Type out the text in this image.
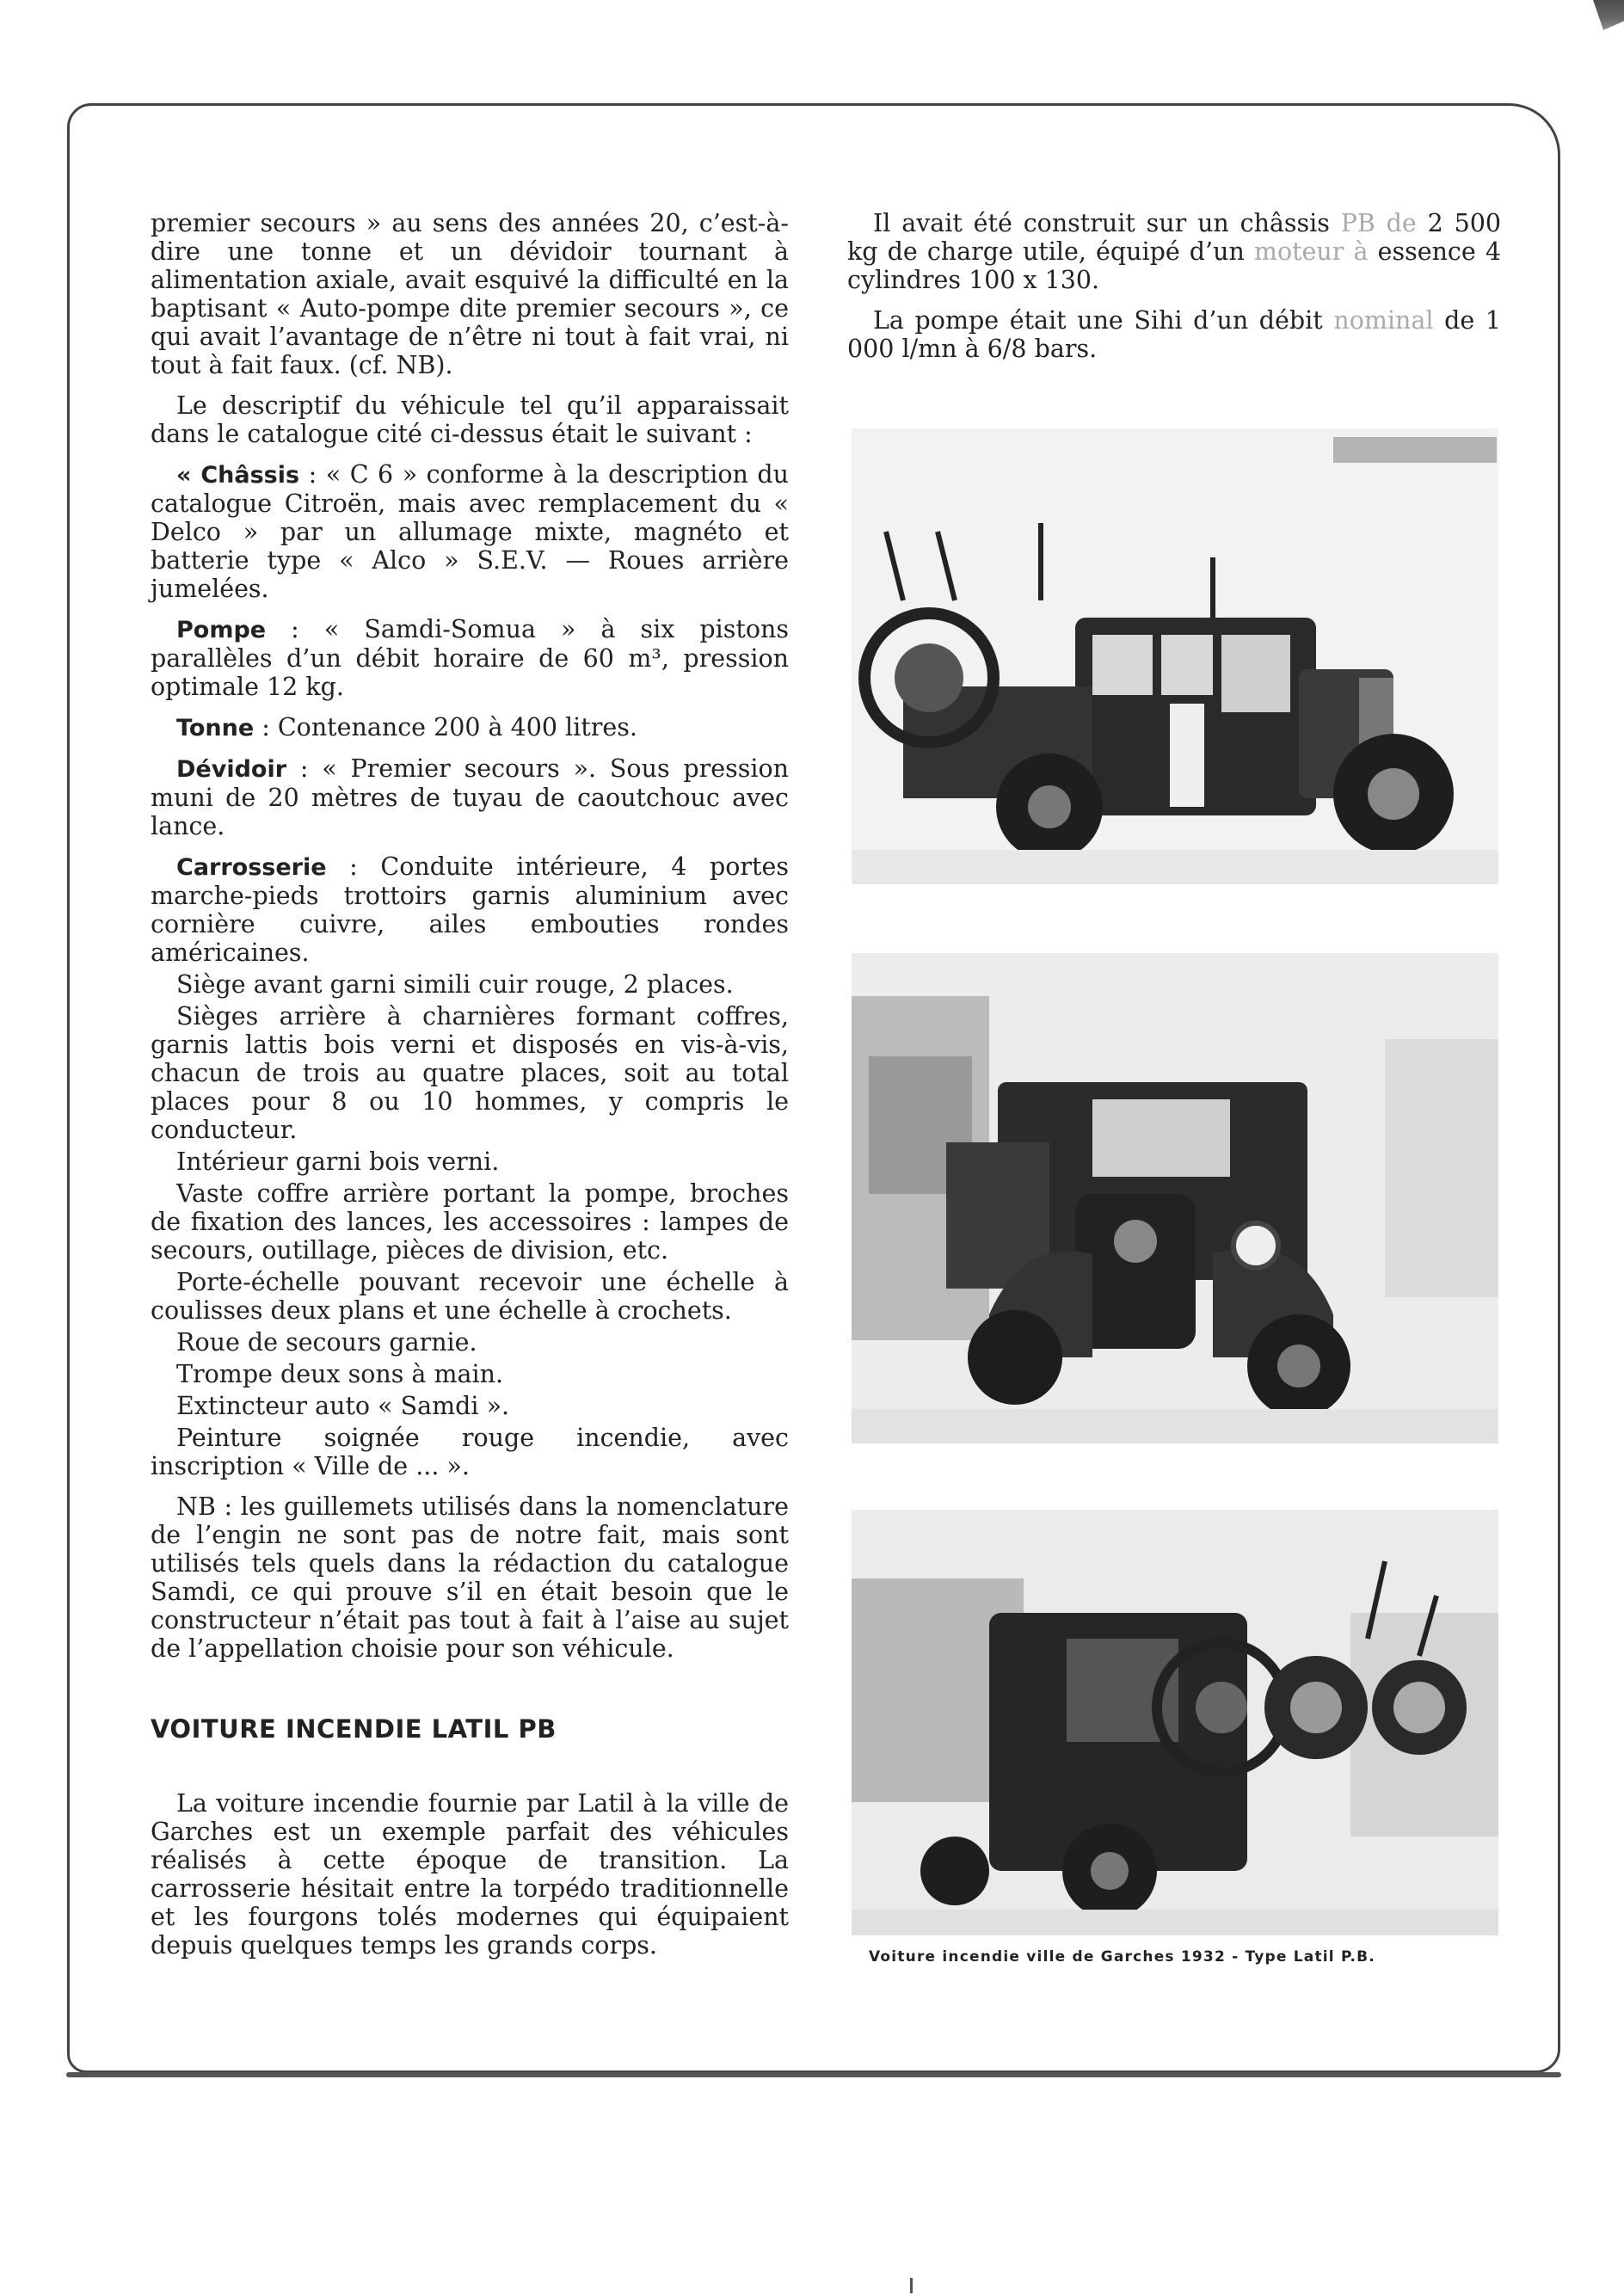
premier secours » au sens des années 20, c’est-à-dire une tonne et un dévidoir tournant à alimentation axiale, avait esquivé la difficulté en la baptisant « Auto-pompe dite premier secours », ce qui avait l’avantage de n’être ni tout à fait vrai, ni tout à fait faux. (cf. NB).

Le descriptif du véhicule tel qu’il apparaissait dans le catalogue cité ci-dessus était le suivant :

« Châssis : « C 6 » conforme à la description du catalogue Citroën, mais avec remplacement du « Delco » par un allumage mixte, magnéto et batterie type « Alco » S.E.V. — Roues arrière jumelées.

Pompe : « Samdi-Somua » à six pistons parallèles d’un débit horaire de 60 m³, pression optimale 12 kg.

Tonne : Contenance 200 à 400 litres.

Dévidoir : « Premier secours ». Sous pression muni de 20 mètres de tuyau de caoutchouc avec lance.

Carrosserie : Conduite intérieure, 4 portes marche-pieds trottoirs garnis aluminium avec cornière cuivre, ailes embouties rondes américaines.

Siège avant garni simili cuir rouge, 2 places.

Sièges arrière à charnières formant coffres, garnis lattis bois verni et disposés en vis-à-vis, chacun de trois au quatre places, soit au total places pour 8 ou 10 hommes, y compris le conducteur.

Intérieur garni bois verni.

Vaste coffre arrière portant la pompe, broches de fixation des lances, les accessoires : lampes de secours, outillage, pièces de division, etc.

Porte-échelle pouvant recevoir une échelle à coulisses deux plans et une échelle à crochets.

Roue de secours garnie.

Trompe deux sons à main.

Extincteur auto « Samdi ».

Peinture soignée rouge incendie, avec inscription « Ville de ... ».

NB : les guillemets utilisés dans la nomenclature de l’engin ne sont pas de notre fait, mais sont utilisés tels quels dans la rédaction du catalogue Samdi, ce qui prouve s’il en était besoin que le constructeur n’était pas tout à fait à l’aise au sujet de l’appellation choisie pour son véhicule.

VOITURE INCENDIE LATIL PB

La voiture incendie fournie par Latil à la ville de Garches est un exemple parfait des véhicules réalisés à cette époque de transition. La carrosserie hésitait entre la torpédo traditionnelle et les fourgons tolés modernes qui équipaient depuis quelques temps les grands corps.

Il avait été construit sur un châssis PB de 2 500 kg de charge utile, équipé d’un moteur à essence 4 cylindres 100 x 130.

La pompe était une Sihi d’un débit nominal de 1 000 l/mn à 6/8 bars.

Voiture incendie ville de Garches 1932 - Type Latil P.B.
